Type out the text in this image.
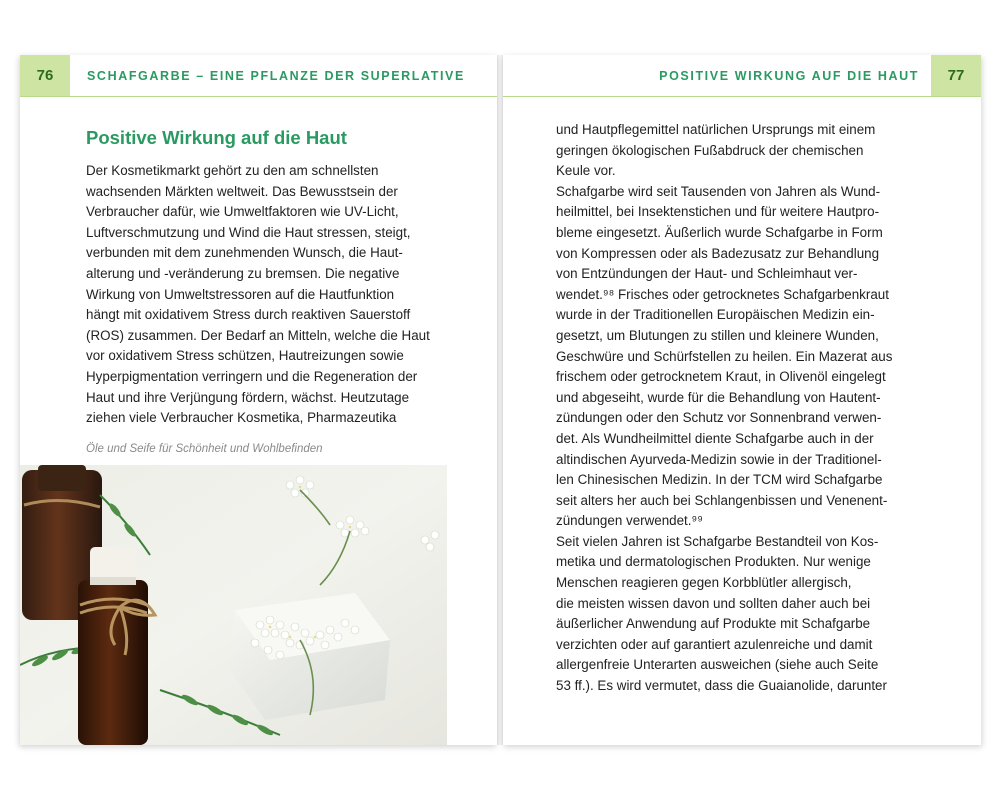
76	SCHAFGARBE – EINE PFLANZE DER SUPERLATIVE
Positive Wirkung auf die Haut
Der Kosmetikmarkt gehört zu den am schnellsten
wachsenden Märkten weltweit. Das Bewusstsein der
Verbraucher dafür, wie Umweltfaktoren wie UV-Licht,
Luftverschmutzung und Wind die Haut stressen, steigt,
verbunden mit dem zunehmenden Wunsch, die Haut-
alterung und -veränderung zu bremsen. Die negative
Wirkung von Umweltstressoren auf die Hautfunktion
hängt mit oxidativem Stress durch reaktiven Sauerstoff
(ROS) zusammen. Der Bedarf an Mitteln, welche die Haut
vor oxidativem Stress schützen, Hautreizungen sowie
Hyperpigmentation verringern und die Regeneration der
Haut und ihre Verjüngung fördern, wächst. Heutzutage
ziehen viele Verbraucher Kosmetika, Pharmazeutika
Öle und Seife für Schönheit und Wohlbefinden
POSITIVE WIRKUNG AUF DIE HAUT	77
und Hautpflegemittel natürlichen Ursprungs mit einem
geringen ökologischen Fußabdruck der chemischen
Keule vor.
Schafgarbe wird seit Tausenden von Jahren als Wund-
heilmittel, bei Insektenstichen und für weitere Hautpro-
bleme eingesetzt. Äußerlich wurde Schafgarbe in Form
von Kompressen oder als Badezusatz zur Behandlung
von Entzündungen der Haut- und Schleimhaut ver-
wendet.⁹⁸ Frisches oder getrocknetes Schafgarbenkraut
wurde in der Traditionellen Europäischen Medizin ein-
gesetzt, um Blutungen zu stillen und kleinere Wunden,
Geschwüre und Schürfstellen zu heilen. Ein Mazerat aus
frischem oder getrocknetem Kraut, in Olivenöl eingelegt
und abgeseiht, wurde für die Behandlung von Hautent-
zündungen oder den Schutz vor Sonnenbrand verwen-
det. Als Wundheilmittel diente Schafgarbe auch in der
altindischen Ayurveda-Medizin sowie in der Traditionel-
len Chinesischen Medizin. In der TCM wird Schafgarbe
seit alters her auch bei Schlangenbissen und Venenent-
zündungen verwendet.⁹⁹
Seit vielen Jahren ist Schafgarbe Bestandteil von Kos-
metika und dermatologischen Produkten. Nur wenige
Menschen reagieren gegen Korbblütler allergisch,
die meisten wissen davon und sollten daher auch bei
äußerlicher Anwendung auf Produkte mit Schafgarbe
verzichten oder auf garantiert azulenreiche und damit
allergenfreie Unterarten ausweichen (siehe auch Seite
53 ff.). Es wird vermutet, dass die Guaianolide, darunter
